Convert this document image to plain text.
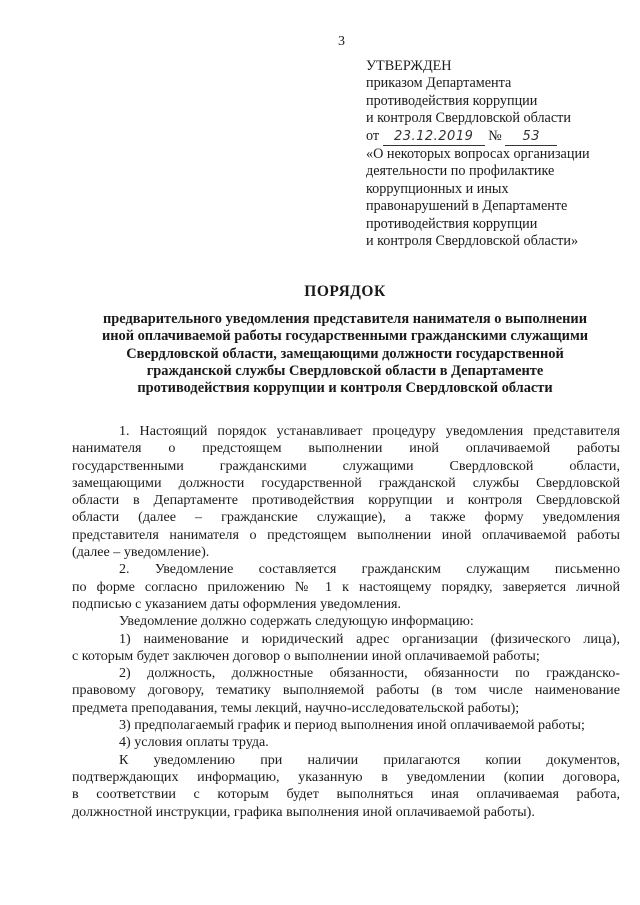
3
УТВЕРЖДЕН
приказом Департамента
противодействия коррупции
и контроля Свердловской области
от 23.12.2019 № 53
«О некоторых вопросах организации
деятельности по профилактике
коррупционных и иных
правонарушений в Департаменте
противодействия коррупции
и контроля Свердловской области»
ПОРЯДОК
предварительного уведомления представителя нанимателя о выполнении
иной оплачиваемой работы государственными гражданскими служащими
Свердловской области, замещающими должности государственной
гражданской службы Свердловской области в Департаменте
противодействия коррупции и контроля Свердловской области
1. Настоящий порядок устанавливает процедуру уведомления представителя
нанимателя о предстоящем выполнении иной оплачиваемой работы
государственными гражданскими служащими Свердловской области,
замещающими должности государственной гражданской службы Свердловской
области в Департаменте противодействия коррупции и контроля Свердловской
области (далее – гражданские служащие), а также форму уведомления
представителя нанимателя о предстоящем выполнении иной оплачиваемой работы
(далее – уведомление).
2. Уведомление составляется гражданским служащим письменно
по форме согласно приложению № 1 к настоящему порядку, заверяется личной
подписью с указанием даты оформления уведомления.
Уведомление должно содержать следующую информацию:
1) наименование и юридический адрес организации (физического лица),
с которым будет заключен договор о выполнении иной оплачиваемой работы;
2) должность, должностные обязанности, обязанности по гражданско-
правовому договору, тематику выполняемой работы (в том числе наименование
предмета преподавания, темы лекций, научно-исследовательской работы);
3) предполагаемый график и период выполнения иной оплачиваемой работы;
4) условия оплаты труда.
К уведомлению при наличии прилагаются копии документов,
подтверждающих информацию, указанную в уведомлении (копии договора,
в соответствии с которым будет выполняться иная оплачиваемая работа,
должностной инструкции, графика выполнения иной оплачиваемой работы).
